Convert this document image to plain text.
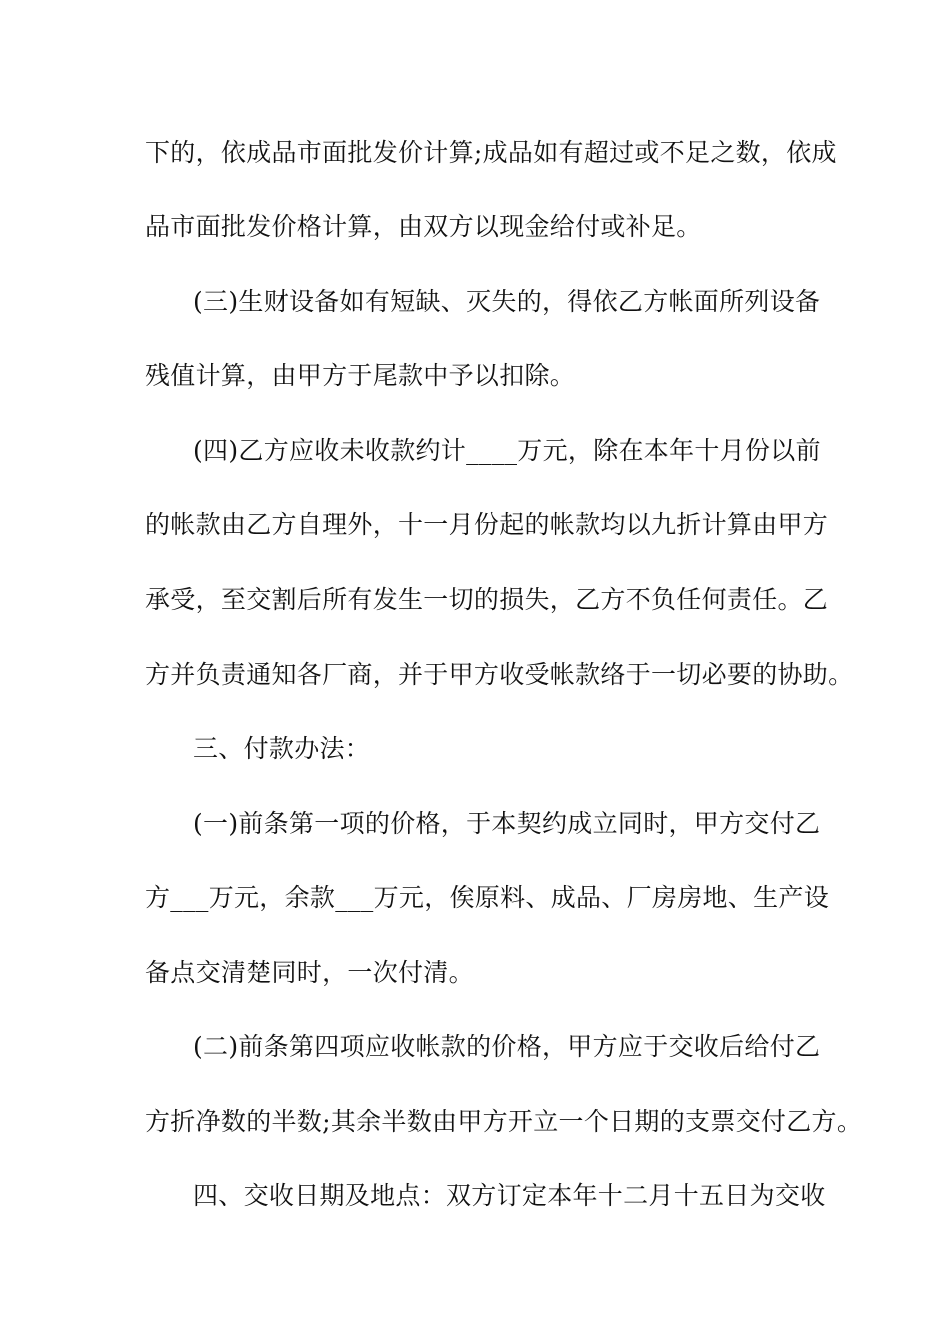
下的，依成品市面批发价计算;成品如有超过或不足之数，依成
品市面批发价格计算，由双方以现金给付或补足。
(三)生财设备如有短缺、灭失的，得依乙方帐面所列设备
残值计算，由甲方于尾款中予以扣除。
(四)乙方应收未收款约计____万元，除在本年十月份以前
的帐款由乙方自理外，十一月份起的帐款均以九折计算由甲方
承受，至交割后所有发生一切的损失，乙方不负任何责任。乙
方并负责通知各厂商，并于甲方收受帐款络于一切必要的协助。
三、付款办法：
(一)前条第一项的价格，于本契约成立同时，甲方交付乙
方___万元，余款___万元，俟原料、成品、厂房房地、生产设
备点交清楚同时，一次付清。
(二)前条第四项应收帐款的价格，甲方应于交收后给付乙
方折净数的半数;其余半数由甲方开立一个日期的支票交付乙方。
四、交收日期及地点：双方订定本年十二月十五日为交收
